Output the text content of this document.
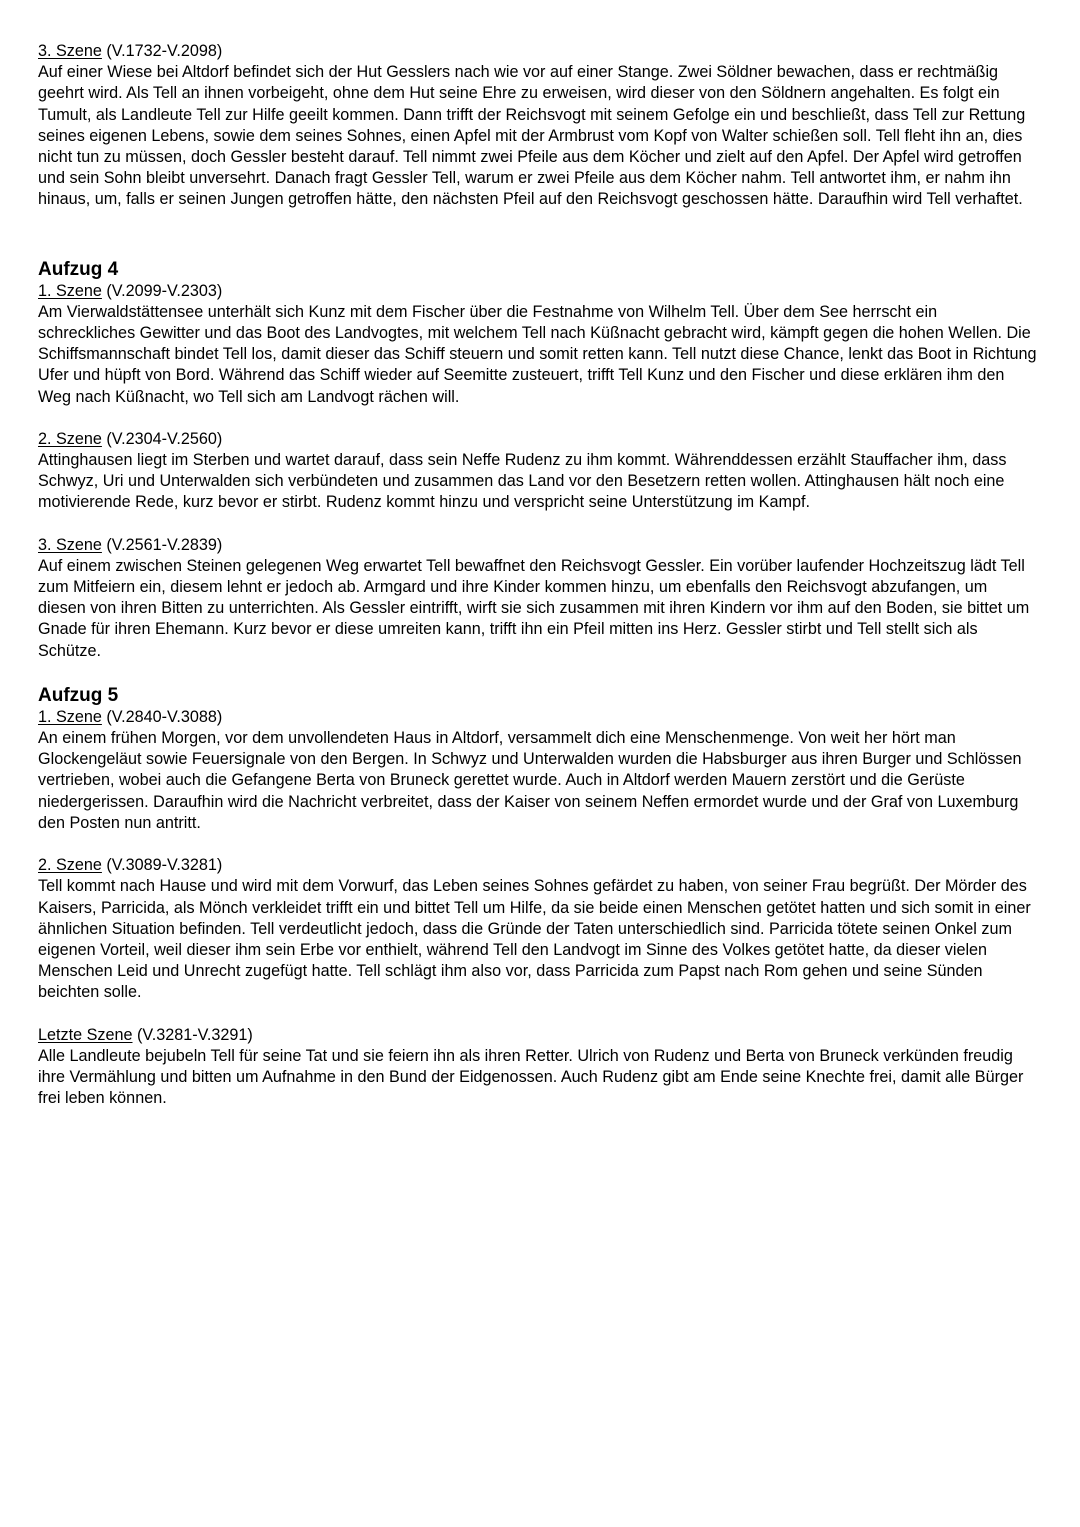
3. Szene (V.1732-V.2098)
Auf einer Wiese bei Altdorf befindet sich der Hut Gesslers nach wie vor auf einer Stange. Zwei Söldner bewachen, dass er rechtmäßig geehrt wird. Als Tell an ihnen vorbeigeht, ohne dem Hut seine Ehre zu erweisen, wird dieser von den Söldnern angehalten. Es folgt ein Tumult, als Landleute Tell zur Hilfe geeilt kommen. Dann trifft der Reichsvogt mit seinem Gefolge ein und beschließt, dass Tell zur Rettung seines eigenen Lebens, sowie dem seines Sohnes, einen Apfel mit der Armbrust vom Kopf von Walter schießen soll. Tell fleht ihn an, dies nicht tun zu müssen, doch Gessler besteht darauf. Tell nimmt zwei Pfeile aus dem Köcher und zielt auf den Apfel. Der Apfel wird getroffen und sein Sohn bleibt unversehrt. Danach fragt Gessler Tell, warum er zwei Pfeile aus dem Köcher nahm. Tell antwortet ihm, er nahm ihn hinaus, um, falls er seinen Jungen getroffen hätte, den nächsten Pfeil auf den Reichsvogt geschossen hätte. Daraufhin wird Tell verhaftet.
Aufzug 4
1. Szene (V.2099-V.2303)
Am Vierwaldstättensee unterhält sich Kunz mit dem Fischer über die Festnahme von Wilhelm Tell. Über dem See herrscht ein schreckliches Gewitter und das Boot des Landvogtes, mit welchem Tell nach Küßnacht gebracht wird, kämpft gegen die hohen Wellen. Die Schiffsmannschaft bindet Tell los, damit dieser das Schiff steuern und somit retten kann. Tell nutzt diese Chance, lenkt das Boot in Richtung Ufer und hüpft von Bord. Während das Schiff wieder auf Seemitte zusteuert, trifft Tell Kunz und den Fischer und diese erklären ihm den Weg nach Küßnacht, wo Tell sich am Landvogt rächen will.
2. Szene (V.2304-V.2560)
Attinghausen liegt im Sterben und wartet darauf, dass sein Neffe Rudenz zu ihm kommt. Währenddessen erzählt Stauffacher ihm, dass Schwyz, Uri und Unterwalden sich verbündeten und zusammen das Land vor den Besetzern retten wollen. Attinghausen hält noch eine motivierende Rede, kurz bevor er stirbt. Rudenz kommt hinzu und verspricht seine Unterstützung im Kampf.
3. Szene (V.2561-V.2839)
Auf einem zwischen Steinen gelegenen Weg erwartet Tell bewaffnet den Reichsvogt Gessler. Ein vorüber laufender Hochzeitszug lädt Tell zum Mitfeiern ein, diesem lehnt er jedoch ab. Armgard und ihre Kinder kommen hinzu, um ebenfalls den Reichsvogt abzufangen, um diesen von ihren Bitten zu unterrichten. Als Gessler eintrifft, wirft sie sich zusammen mit ihren Kindern vor ihm auf den Boden, sie bittet um Gnade für ihren Ehemann. Kurz bevor er diese umreiten kann, trifft ihn ein Pfeil mitten ins Herz. Gessler stirbt und Tell stellt sich als Schütze.
Aufzug 5
1. Szene (V.2840-V.3088)
An einem frühen Morgen, vor dem unvollendeten Haus in Altdorf, versammelt dich eine Menschenmenge. Von weit her hört man Glockengeläut sowie Feuersignale von den Bergen. In Schwyz und Unterwalden wurden die Habsburger aus ihren Burger und Schlössen vertrieben, wobei auch die Gefangene Berta von Bruneck gerettet wurde. Auch in Altdorf werden Mauern zerstört und die Gerüste niedergerissen. Daraufhin wird die Nachricht verbreitet, dass der Kaiser von seinem Neffen ermordet wurde und der Graf von Luxemburg den Posten nun antritt.
2. Szene (V.3089-V.3281)
Tell kommt nach Hause und wird mit dem Vorwurf, das Leben seines Sohnes gefärdet zu haben, von seiner Frau begrüßt. Der Mörder des Kaisers, Parricida, als Mönch verkleidet trifft ein und bittet Tell um Hilfe, da sie beide einen Menschen getötet hatten und sich somit in einer ähnlichen Situation befinden. Tell verdeutlicht jedoch, dass die Gründe der Taten unterschiedlich sind. Parricida tötete seinen Onkel zum eigenen Vorteil, weil dieser ihm sein Erbe vor enthielt, während Tell den Landvogt im Sinne des Volkes getötet hatte, da dieser vielen Menschen Leid und Unrecht zugefügt hatte. Tell schlägt ihm also vor, dass Parricida zum Papst nach Rom gehen und seine Sünden beichten solle.
Letzte Szene (V.3281-V.3291)
Alle Landleute bejubeln Tell für seine Tat und sie feiern ihn als ihren Retter. Ulrich von Rudenz und Berta von Bruneck verkünden freudig ihre Vermählung und bitten um Aufnahme in den Bund der Eidgenossen. Auch Rudenz gibt am Ende seine Knechte frei, damit alle Bürger frei leben können.
